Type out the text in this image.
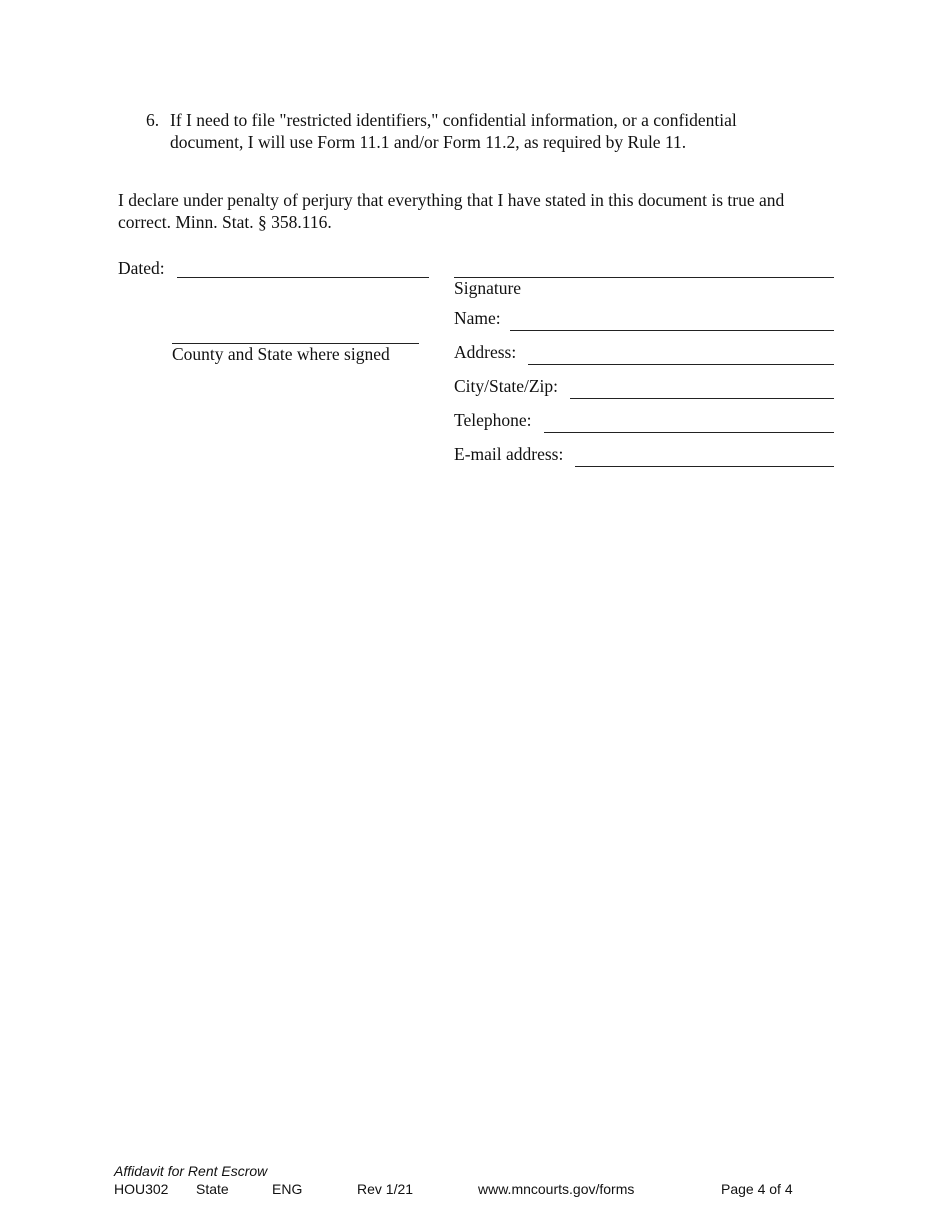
6. If I need to file "restricted identifiers," confidential information, or a confidential
document, I will use Form 11.1 and/or Form 11.2, as required by Rule 11.
I declare under penalty of perjury that everything that I have stated in this document is true and
correct. Minn. Stat. § 358.116.
Dated:
County and State where signed
Signature
Name:
Address:
City/State/Zip:
Telephone:
E-mail address:
Affidavit for Rent Escrow
HOU302 State	ENG	Rev 1/21	www.mncourts.gov/forms	Page 4 of 4
